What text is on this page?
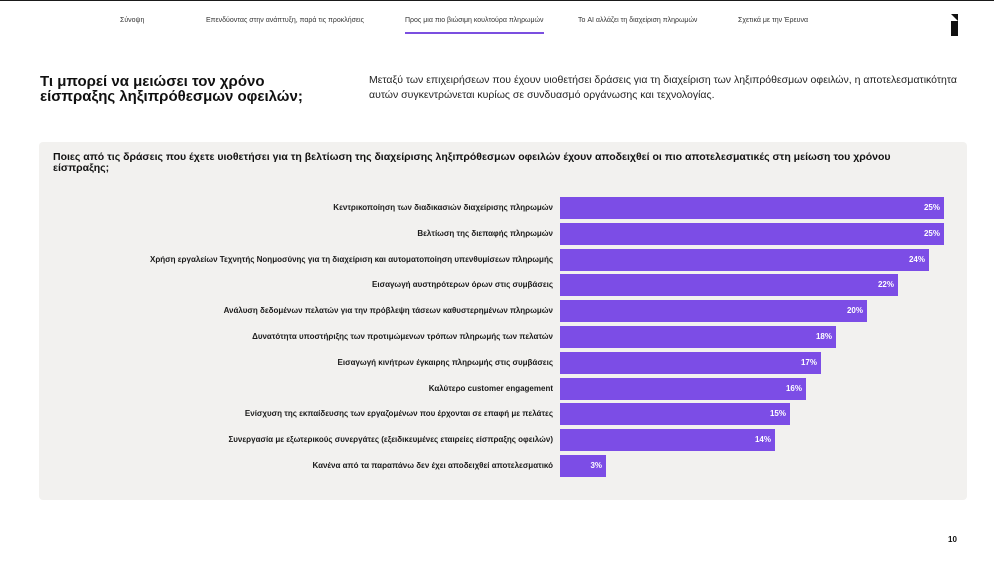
Σύνοψη	Επενδύοντας στην ανάπτυξη, παρά τις προκλήσεις	Προς μια πιο βιώσιμη κουλτούρα πληρωμών	Το AI αλλάζει τη διαχείριση πληρωμών	Σχετικά με την Έρευνα
Τι μπορεί να μειώσει τον χρόνο είσπραξης ληξιπρόθεσμων οφειλών;

Μεταξύ των επιχειρήσεων που έχουν υιοθετήσει δράσεις για τη διαχείριση των ληξιπρόθεσμων οφειλών, η αποτελεσματικότητα αυτών συγκεντρώνεται κυρίως σε συνδυασμό οργάνωσης και τεχνολογίας.

Ποιες από τις δράσεις που έχετε υιοθετήσει για τη βελτίωση της διαχείρισης ληξιπρόθεσμων οφειλών έχουν αποδειχθεί οι πιο αποτελεσματικές στη μείωση του χρόνου είσπραξης;
Κεντρικοποίηση των διαδικασιών διαχείρισης πληρωμών	25%
Βελτίωση της διεπαφής πληρωμών	25%
Χρήση εργαλείων Τεχνητής Νοημοσύνης για τη διαχείριση και αυτοματοποίηση υπενθυμίσεων πληρωμής	24%
Εισαγωγή αυστηρότερων όρων στις συμβάσεις	22%
Ανάλυση δεδομένων πελατών για την πρόβλεψη τάσεων καθυστερημένων πληρωμών	20%
Δυνατότητα υποστήριξης των προτιμώμενων τρόπων πληρωμής των πελατών	18%
Εισαγωγή κινήτρων έγκαιρης πληρωμής στις συμβάσεις	17%
Καλύτερο customer engagement	16%
Ενίσχυση της εκπαίδευσης των εργαζομένων που έρχονται σε επαφή με πελάτες	15%
Συνεργασία με εξωτερικούς συνεργάτες (εξειδικευμένες εταιρείες είσπραξης οφειλών)	14%
Κανένα από τα παραπάνω δεν έχει αποδειχθεί αποτελεσματικό	3%
10
